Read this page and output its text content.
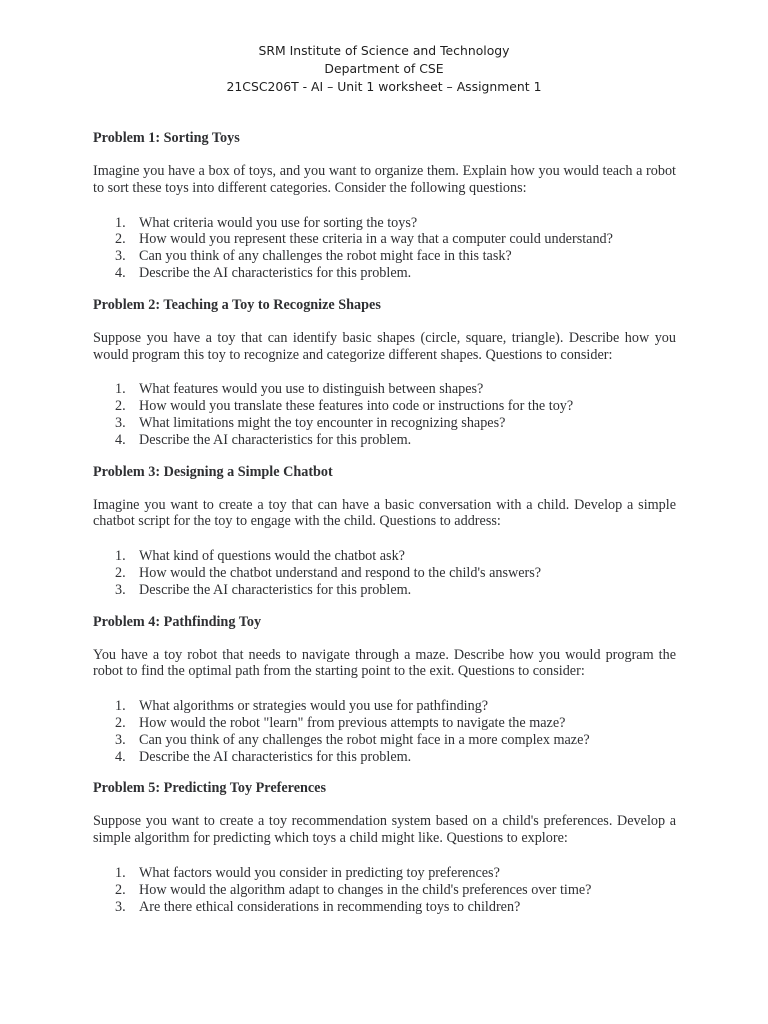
SRM Institute of Science and Technology
Department of CSE
21CSC206T - AI – Unit 1 worksheet – Assignment 1
Problem 1: Sorting Toys
Imagine you have a box of toys, and you want to organize them. Explain how you would teach a robot to sort these toys into different categories. Consider the following questions:
1. What criteria would you use for sorting the toys?
2. How would you represent these criteria in a way that a computer could understand?
3. Can you think of any challenges the robot might face in this task?
4. Describe the AI characteristics for this problem.
Problem 2: Teaching a Toy to Recognize Shapes
Suppose you have a toy that can identify basic shapes (circle, square, triangle). Describe how you would program this toy to recognize and categorize different shapes. Questions to consider:
1. What features would you use to distinguish between shapes?
2. How would you translate these features into code or instructions for the toy?
3. What limitations might the toy encounter in recognizing shapes?
4. Describe the AI characteristics for this problem.
Problem 3: Designing a Simple Chatbot
Imagine you want to create a toy that can have a basic conversation with a child. Develop a simple chatbot script for the toy to engage with the child. Questions to address:
1. What kind of questions would the chatbot ask?
2. How would the chatbot understand and respond to the child's answers?
3. Describe the AI characteristics for this problem.
Problem 4: Pathfinding Toy
You have a toy robot that needs to navigate through a maze. Describe how you would program the robot to find the optimal path from the starting point to the exit. Questions to consider:
1. What algorithms or strategies would you use for pathfinding?
2. How would the robot "learn" from previous attempts to navigate the maze?
3. Can you think of any challenges the robot might face in a more complex maze?
4. Describe the AI characteristics for this problem.
Problem 5: Predicting Toy Preferences
Suppose you want to create a toy recommendation system based on a child's preferences. Develop a simple algorithm for predicting which toys a child might like. Questions to explore:
1. What factors would you consider in predicting toy preferences?
2. How would the algorithm adapt to changes in the child's preferences over time?
3. Are there ethical considerations in recommending toys to children?
